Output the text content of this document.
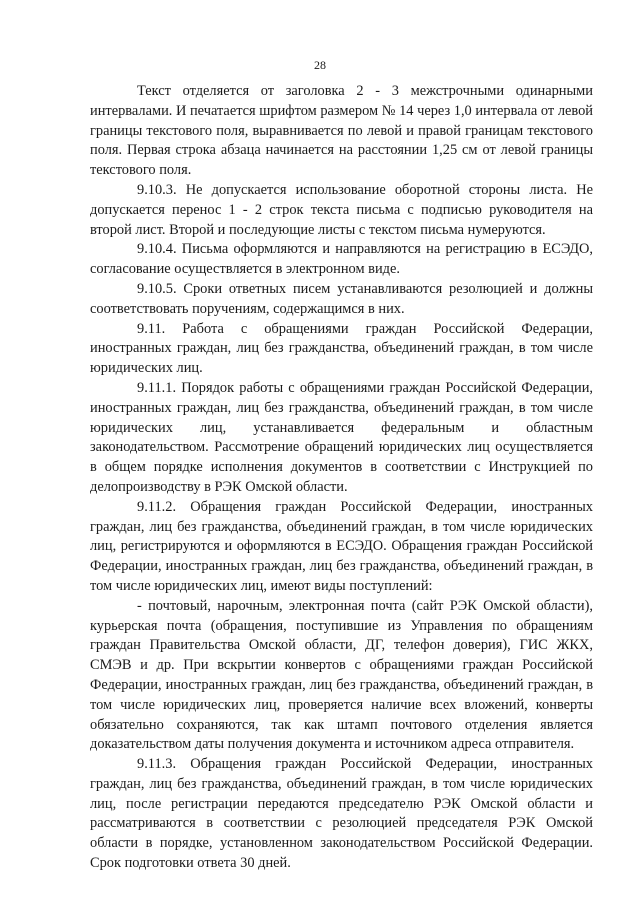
28

Текст отделяется от заголовка 2 - 3 межстрочными одинарными интервалами. И печатается шрифтом размером № 14 через 1,0 интервала от левой границы текстового поля, выравнивается по левой и правой границам текстового поля. Первая строка абзаца начинается на расстоянии 1,25 см от левой границы текстового поля.

9.10.3. Не допускается использование оборотной стороны листа. Не допускается перенос 1 - 2 строк текста письма с подписью руководителя на второй лист. Второй и последующие листы с текстом письма нумеруются.

9.10.4. Письма оформляются и направляются на регистрацию в ЕСЭДО, согласование осуществляется в электронном виде.

9.10.5. Сроки ответных писем устанавливаются резолюцией и должны соответствовать поручениям, содержащимся в них.

9.11. Работа с обращениями граждан Российской Федерации, иностранных граждан, лиц без гражданства, объединений граждан, в том числе юридических лиц.

9.11.1. Порядок работы с обращениями граждан Российской Федерации, иностранных граждан, лиц без гражданства, объединений граждан, в том числе юридических лиц, устанавливается федеральным и областным законодательством. Рассмотрение обращений юридических лиц осуществляется в общем порядке исполнения документов в соответствии с Инструкцией по делопроизводству в РЭК Омской области.

9.11.2. Обращения граждан Российской Федерации, иностранных граждан, лиц без гражданства, объединений граждан, в том числе юридических лиц, регистрируются и оформляются в ЕСЭДО. Обращения граждан Российской Федерации, иностранных граждан, лиц без гражданства, объединений граждан, в том числе юридических лиц, имеют виды поступлений:

- почтовый, нарочным, электронная почта (сайт РЭК Омской области), курьерская почта (обращения, поступившие из Управления по обращениям граждан Правительства Омской области, ДГ, телефон доверия), ГИС ЖКХ, СМЭВ и др. При вскрытии конвертов с обращениями граждан Российской Федерации, иностранных граждан, лиц без гражданства, объединений граждан, в том числе юридических лиц, проверяется наличие всех вложений, конверты обязательно сохраняются, так как штамп почтового отделения является доказательством даты получения документа и источником адреса отправителя.

9.11.3. Обращения граждан Российской Федерации, иностранных граждан, лиц без гражданства, объединений граждан, в том числе юридических лиц, после регистрации передаются председателю РЭК Омской области и рассматриваются в соответствии с резолюцией председателя РЭК Омской области в порядке, установленном законодательством Российской Федерации. Срок подготовки ответа 30 дней.
